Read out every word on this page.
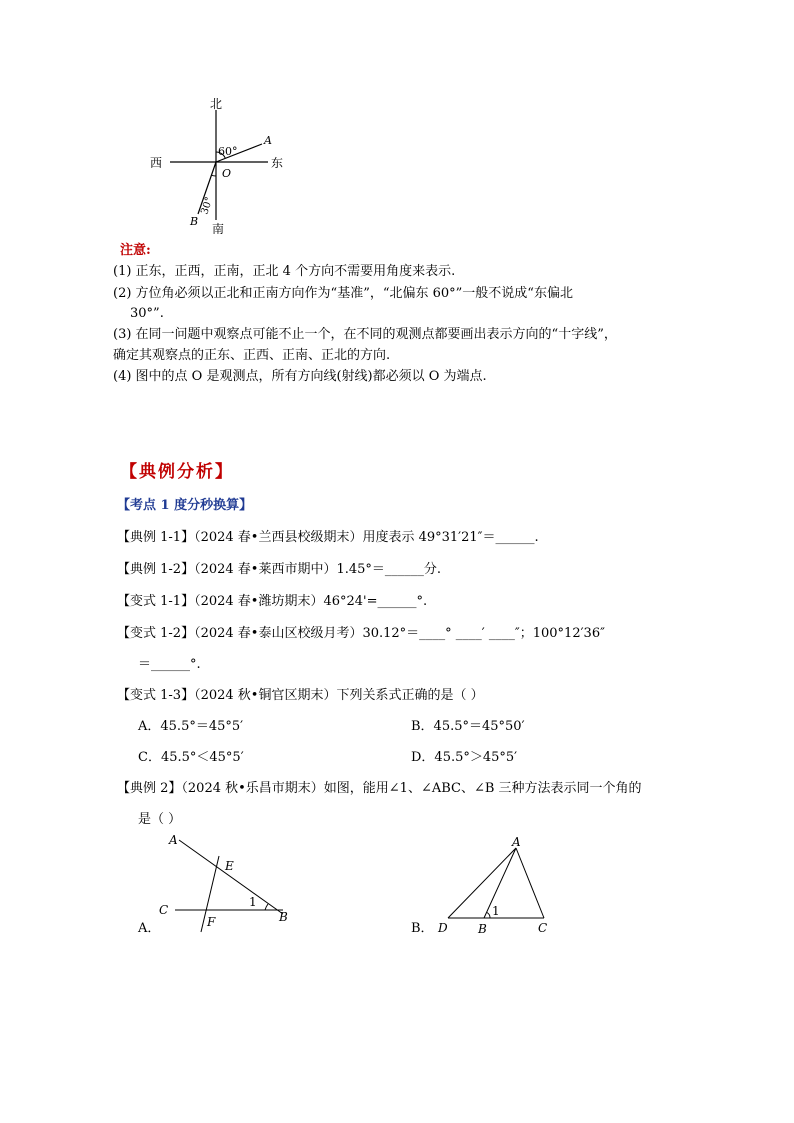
北
南
东
西
O
A
B
60°
30°
注意:
(1) 正东，正西，正南，正北 4 个方向不需要用角度来表示.
(2) 方位角必须以正北和正南方向作为“基准”，“北偏东 60°”一般不说成“东偏北
30°”.
(3) 在同一问题中观察点可能不止一个，在不同的观测点都要画出表示方向的“十字线”，
确定其观察点的正东、正西、正南、正北的方向.
(4) 图中的点 O 是观测点，所有方向线(射线)都必须以 O 为端点.
【典例分析】
【考点 1 度分秒换算】
【典例 1-1】（2024 春•兰西县校级期末）用度表示 49°31′21″＝______.
【典例 1-2】（2024 春•莱西市期中）1.45°＝______分.
【变式 1-1】（2024 春•潍坊期末）46°24'=______°.
【变式 1-2】（2024 春•泰山区校级月考）30.12°＝____° ____′ ____″；100°12′36″
＝______°.
【变式 1-3】（2024 秋•铜官区期末）下列关系式正确的是（ ）
A．45.5°＝45°5′	B．45.5°＝45°50′
C．45.5°＜45°5′	D．45.5°＞45°5′
【典例 2】（2024 秋•乐昌市期末）如图，能用∠1、∠ABC、∠B 三种方法表示同一个角的
是（ ）
A．
A
E
C
F	B
1
B．
A
D	B	C
1
